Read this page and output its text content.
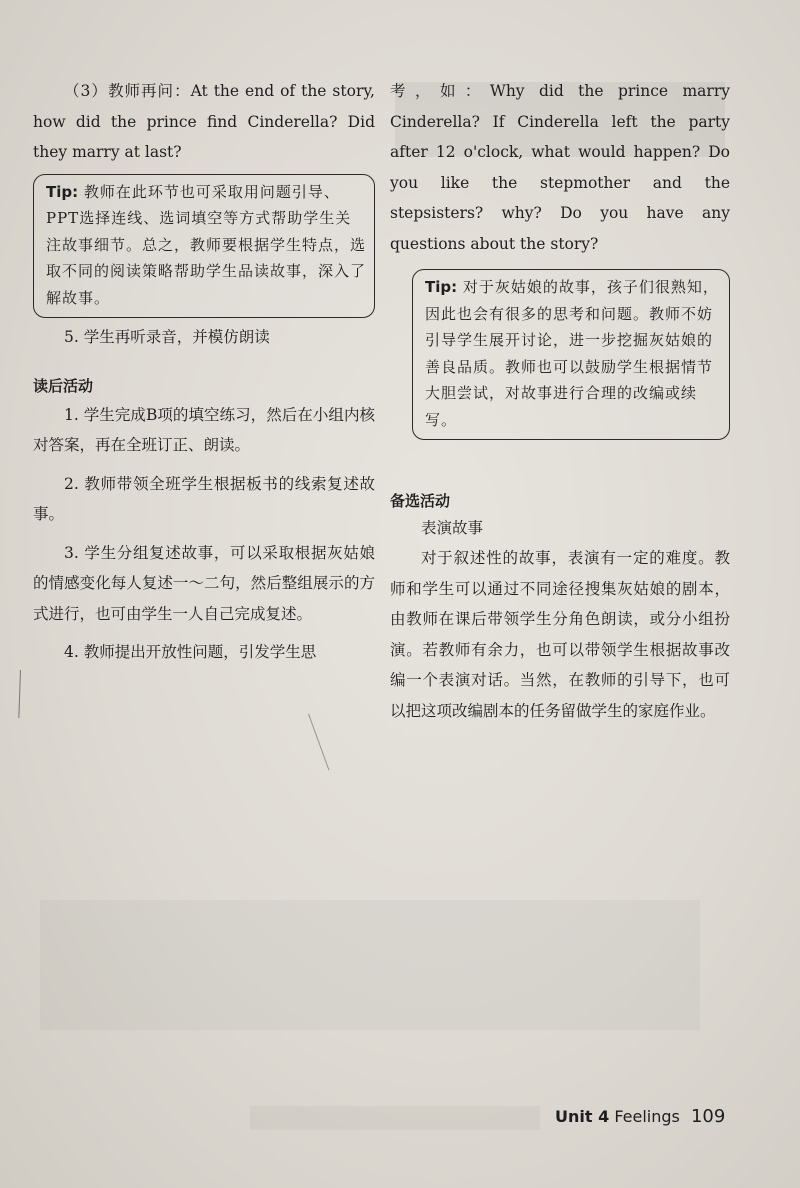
（3）教师再问：At the end of the story, how did the prince find Cinderella? Did they marry at last?

Tip: 教师在此环节也可采取用问题引导、PPT选择连线、选词填空等方式帮助学生关注故事细节。总之，教师要根据学生特点，选取不同的阅读策略帮助学生品读故事，深入了解故事。

5. 学生再听录音，并模仿朗读

读后活动

1. 学生完成B项的填空练习，然后在小组内核对答案，再在全班订正、朗读。

2. 教师带领全班学生根据板书的线索复述故事。

3. 学生分组复述故事，可以采取根据灰姑娘的情感变化每人复述一～二句，然后整组展示的方式进行，也可由学生一人自己完成复述。

4. 教师提出开放性问题，引发学生思

考，如：Why did the prince marry Cinderella? If Cinderella left the party after 12 o'clock, what would happen? Do you like the stepmother and the stepsisters? why? Do you have any questions about the story?

Tip: 对于灰姑娘的故事，孩子们很熟知，因此也会有很多的思考和问题。教师不妨引导学生展开讨论，进一步挖掘灰姑娘的善良品质。教师也可以鼓励学生根据情节大胆尝试，对故事进行合理的改编或续写。

备选活动

表演故事

对于叙述性的故事，表演有一定的难度。教师和学生可以通过不同途径搜集灰姑娘的剧本，由教师在课后带领学生分角色朗读，或分小组扮演。若教师有余力，也可以带领学生根据故事改编一个表演对话。当然，在教师的引导下，也可以把这项改编剧本的任务留做学生的家庭作业。

Unit 4 Feelings 109
